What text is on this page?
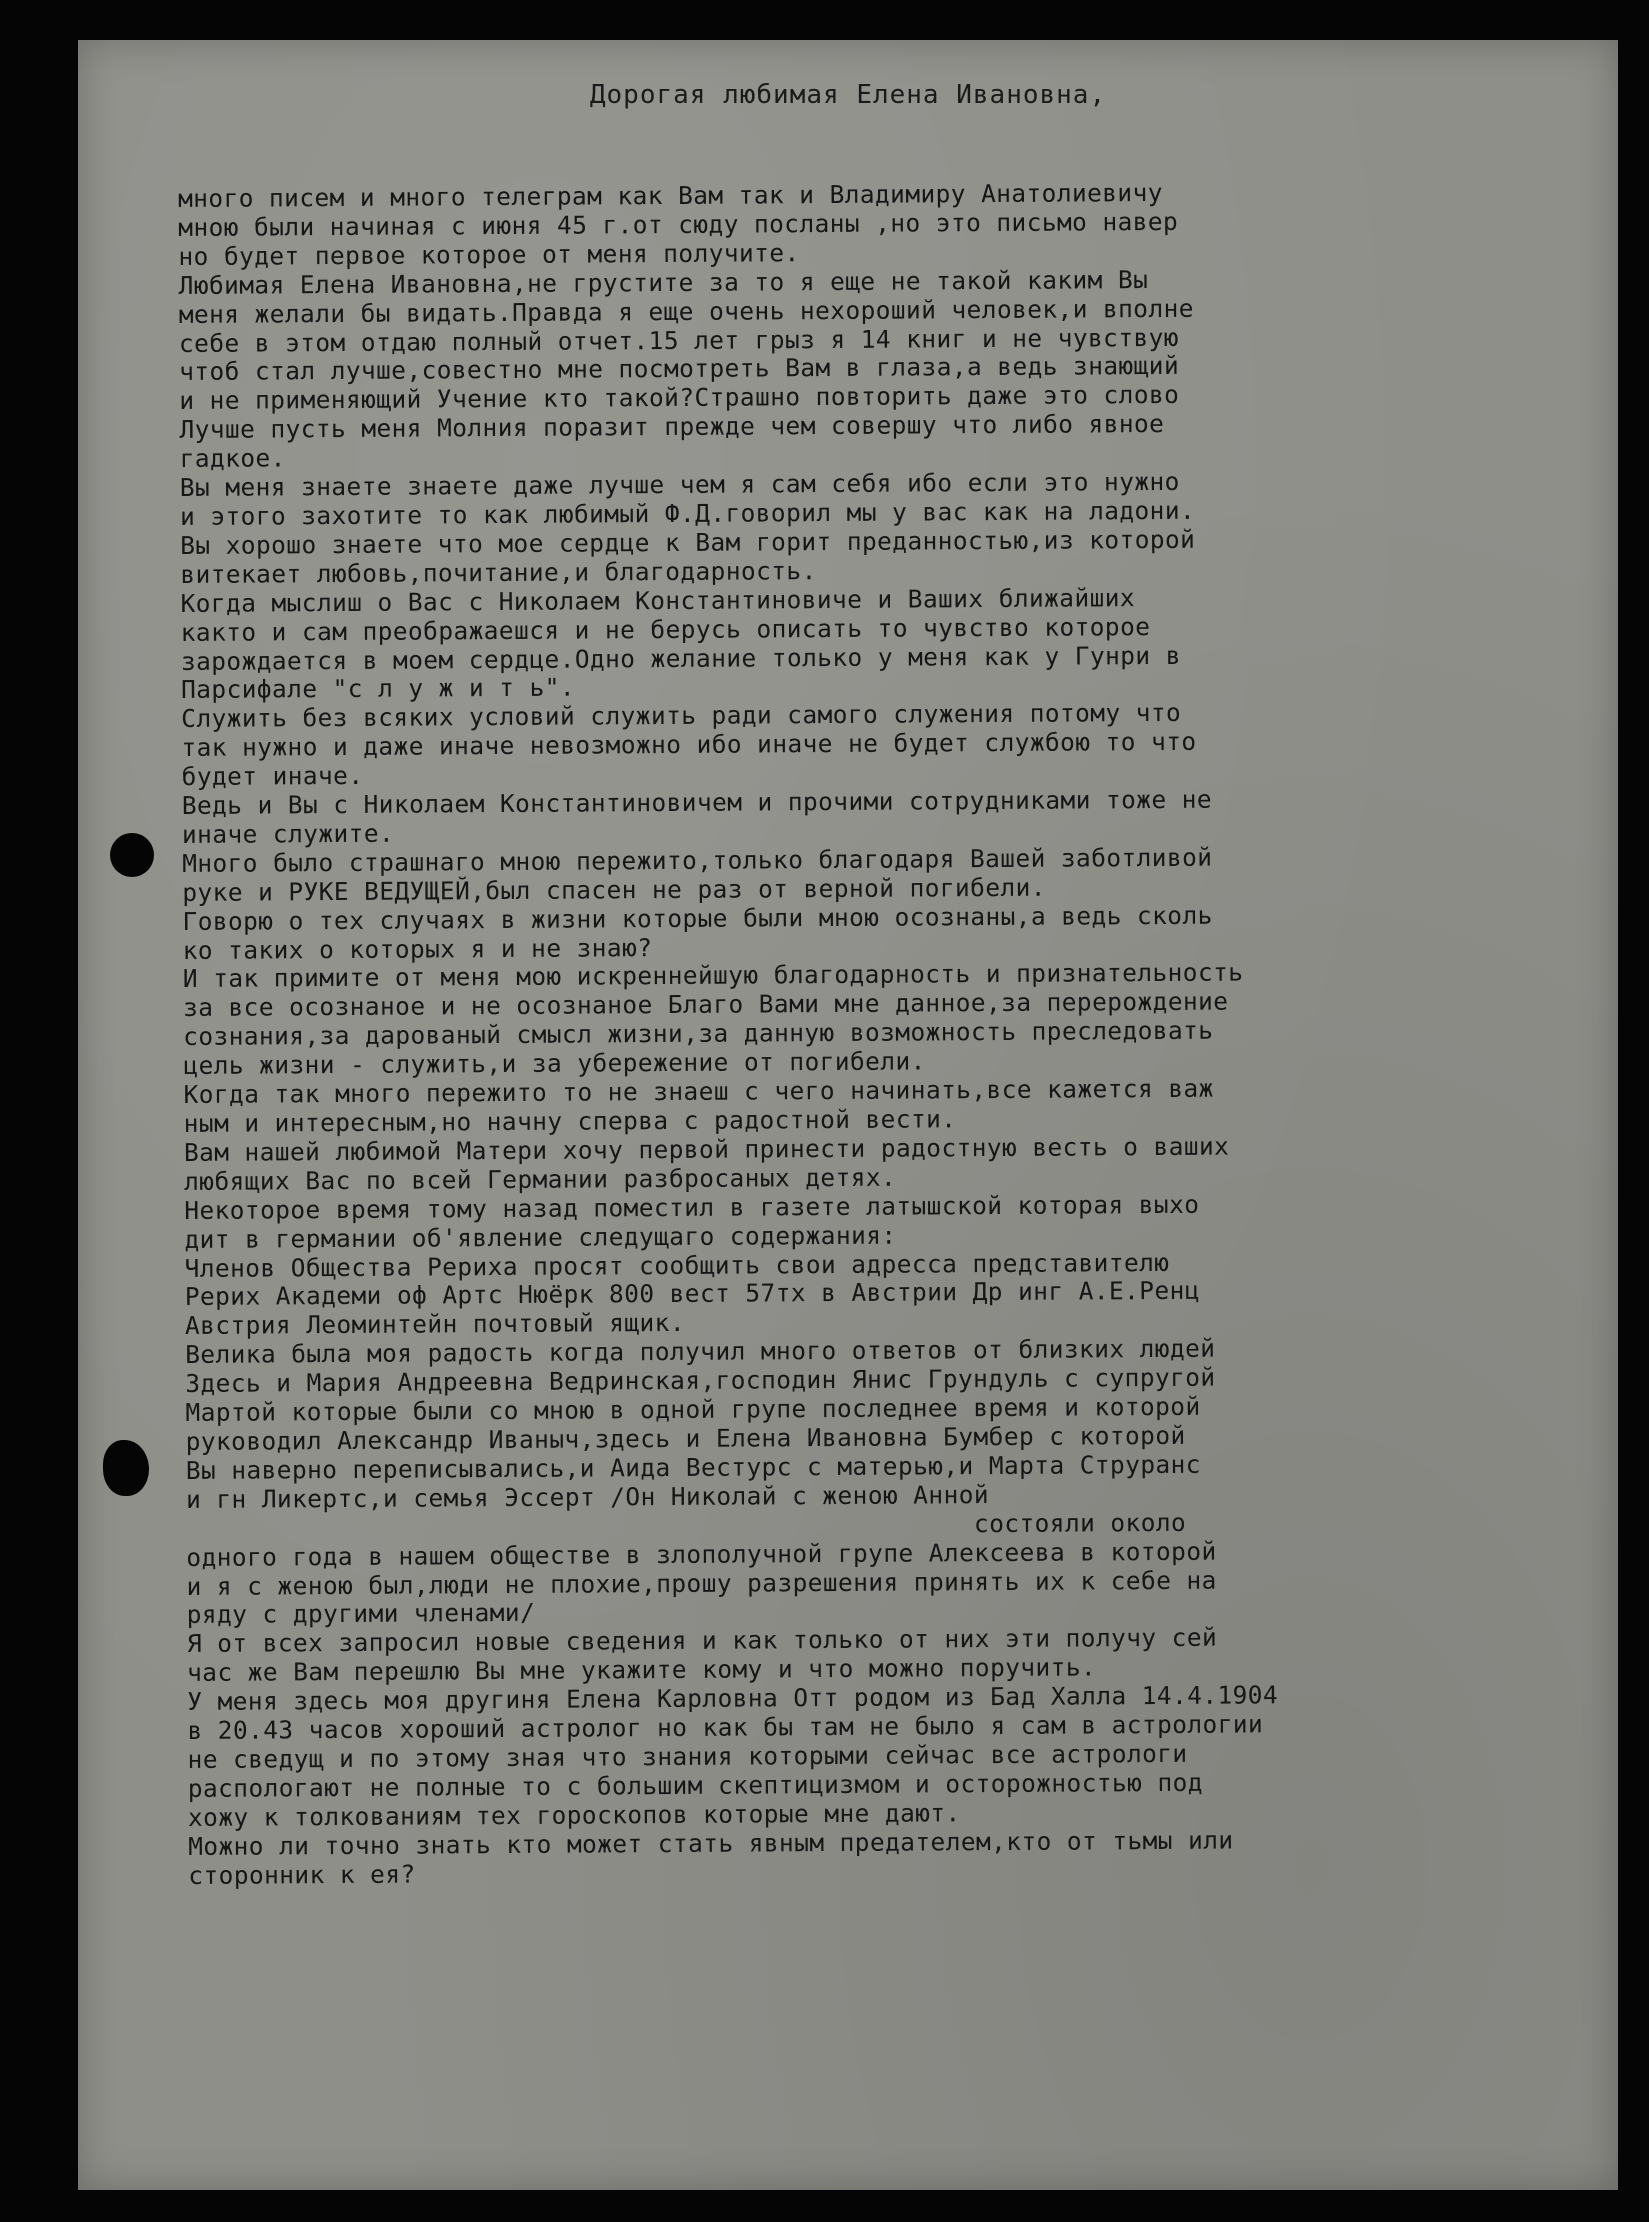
Дорогая любимая Елена Ивановна,
много писем и много телеграм как Вам так и Владимиру Анатолиевичу
мною были начиная с июня 45 г.от сюду посланы ,но это письмо навер
но будет первое которое от меня получите.
Любимая Елена Ивановна,не грустите за то я еще не такой каким Вы
меня желали бы видать.Правда я еще очень нехороший человек,и вполне
себе в этом отдаю полный отчет.15 лет грыз я 14 книг и не чувствую
чтоб стал лучше,совестно мне посмотреть Вам в глаза,а ведь знающий
и не применяющий Учение кто такой?Страшно повторить даже это слово
Лучше пусть меня Молния поразит прежде чем совершу что либо явное
гадкое.
Вы меня знаете знаете даже лучше чем я сам себя ибо если это нужно
и этого захотите то как любимый Ф.Д.говорил мы у вас как на ладони.
Вы хорошо знаете что мое сердце к Вам горит преданностью,из которой
витекает любовь,почитание,и благодарность.
Когда мыслиш о Вас с Николаем Константиновиче и Ваших ближайших
както и сам преображаешся и не берусь описать то чувство которое
зарождается в моем сердце.Одно желание только у меня как у Гунри в
Парсифале "с л у ж и т ь".
Служить без всяких условий служить ради самого служения потому что
так нужно и даже иначе невозможно ибо иначе не будет службою то что
будет иначе.
Ведь и Вы с Николаем Константиновичем и прочими сотрудниками тоже не
иначе служите.
Много было страшнаго мною пережито,только благодаря Вашей заботливой
руке и РУКЕ ВЕДУЩЕЙ,был спасен не раз от верной погибели.
Говорю о тех случаях в жизни которые были мною осознаны,а ведь сколь
ко таких о которых я и не знаю?
И так примите от меня мою искреннейшую благодарность и признательность
за все осознаное и не осознаное Благо Вами мне данное,за перерождение
сознания,за дарованый смысл жизни,за данную возможность преследовать
цель жизни - служить,и за убережение от погибели.
Когда так много пережито то не знаеш с чего начинать,все кажется важ
ным и интересным,но начну сперва с радостной вести.
Вам нашей любимой Матери хочу первой принести радостную весть о ваших
любящих Вас по всей Германии разбросаных детях.
Некоторое время тому назад поместил в газете латышской которая выхо
дит в германии об'явление следущаго содержания:
Членов Общества Рериха просят сообщить свои адресса представителю
Рерих Академи оф Артс Нюёрк 800 вест 57тх в Австрии Др инг А.Е.Ренц
Австрия Леоминтейн почтовый ящик.
Велика была моя радость когда получил много ответов от близких людей
Здесь и Мария Андреевна Ведринская,господин Янис Грундуль с супругой
Мартой которые были со мною в одной групе последнее время и которой
руководил Александр Иваныч,здесь и Елена Ивановна Бумбер с которой
Вы наверно переписывались,и Аида Вестурс с матерью,и Марта Струранс
и гн Ликертс,и семья Эссерт /Он Николай с женою Анной
состояли около
одного года в нашем обществе в злополучной групе Алексеева в которой
и я с женою был,люди не плохие,прошу разрешения принять их к себе на
ряду с другими членами/
Я от всех запросил новые сведения и как только от них эти получу сей
час же Вам перешлю Вы мне укажите кому и что можно поручить.
У меня здесь моя другиня Елена Карловна Отт родом из Бад Халла 14.4.1904
в 20.43 часов хороший астролог но как бы там не было я сам в астрологии
не сведущ и по этому зная что знания которыми сейчас все астрологи
распологают не полные то с большим скептицизмом и осторожностью под
хожу к толкованиям тех гороскопов которые мне дают.
Можно ли точно знать кто может стать явным предателем,кто от тьмы или
сторонник к ея?
